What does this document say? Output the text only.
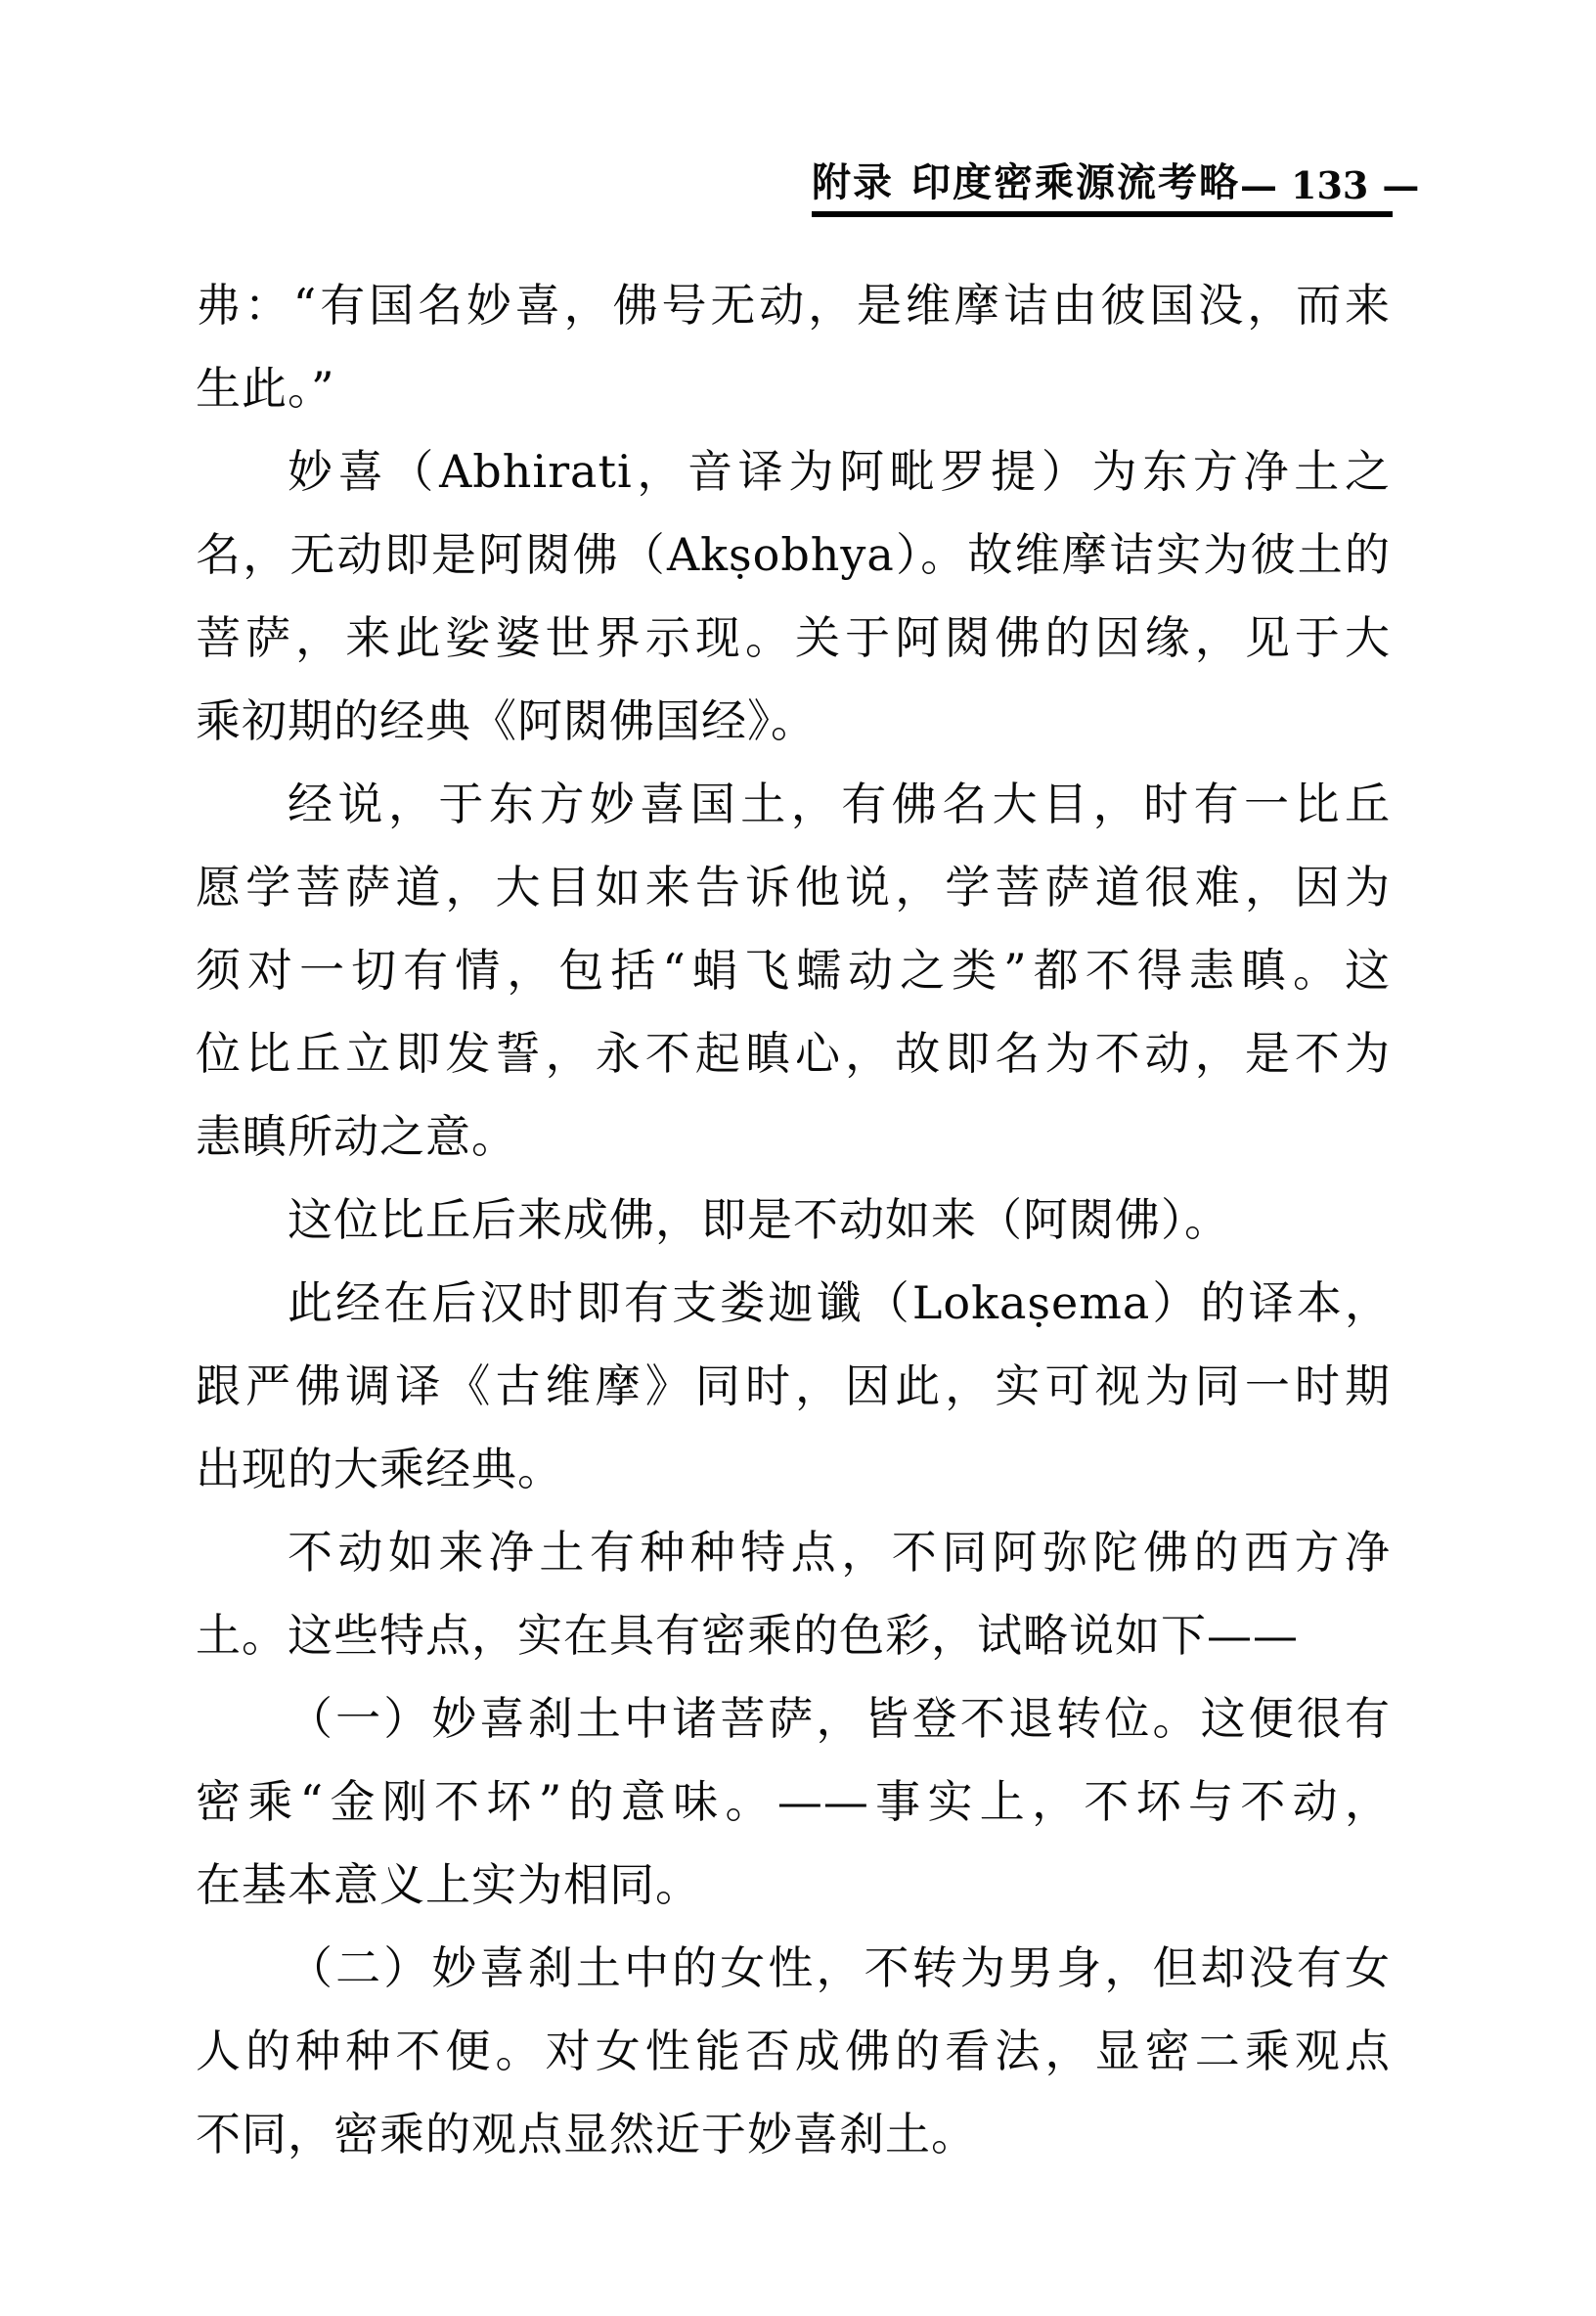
附录 印度密乘源流考略 — 133 —
弗：“有国名妙喜，佛号无动，是维摩诘由彼国没，而来
生此。”
妙喜（Abhirati，音译为阿毗罗提）为东方净土之
名，无动即是阿閦佛（Akṣobhya）。故维摩诘实为彼土的
菩萨，来此娑婆世界示现。关于阿閦佛的因缘，见于大
乘初期的经典《阿閦佛国经》。
经说，于东方妙喜国土，有佛名大目，时有一比丘
愿学菩萨道，大目如来告诉他说，学菩萨道很难，因为
须对一切有情，包括“蜎飞蠕动之类”都不得恚瞋。这
位比丘立即发誓，永不起瞋心，故即名为不动，是不为
恚瞋所动之意。
这位比丘后来成佛，即是不动如来（阿閦佛）。
此经在后汉时即有支娄迦谶（Lokaṣema）的译本，
跟严佛调译《古维摩》同时，因此，实可视为同一时期
出现的大乘经典。
不动如来净土有种种特点，不同阿弥陀佛的西方净
土。这些特点，实在具有密乘的色彩，试略说如下——
（一）妙喜刹土中诸菩萨，皆登不退转位。这便很有
密乘“金刚不坏”的意味。——事实上，不坏与不动，
在基本意义上实为相同。
（二）妙喜刹土中的女性，不转为男身，但却没有女
人的种种不便。对女性能否成佛的看法，显密二乘观点
不同，密乘的观点显然近于妙喜刹土。
